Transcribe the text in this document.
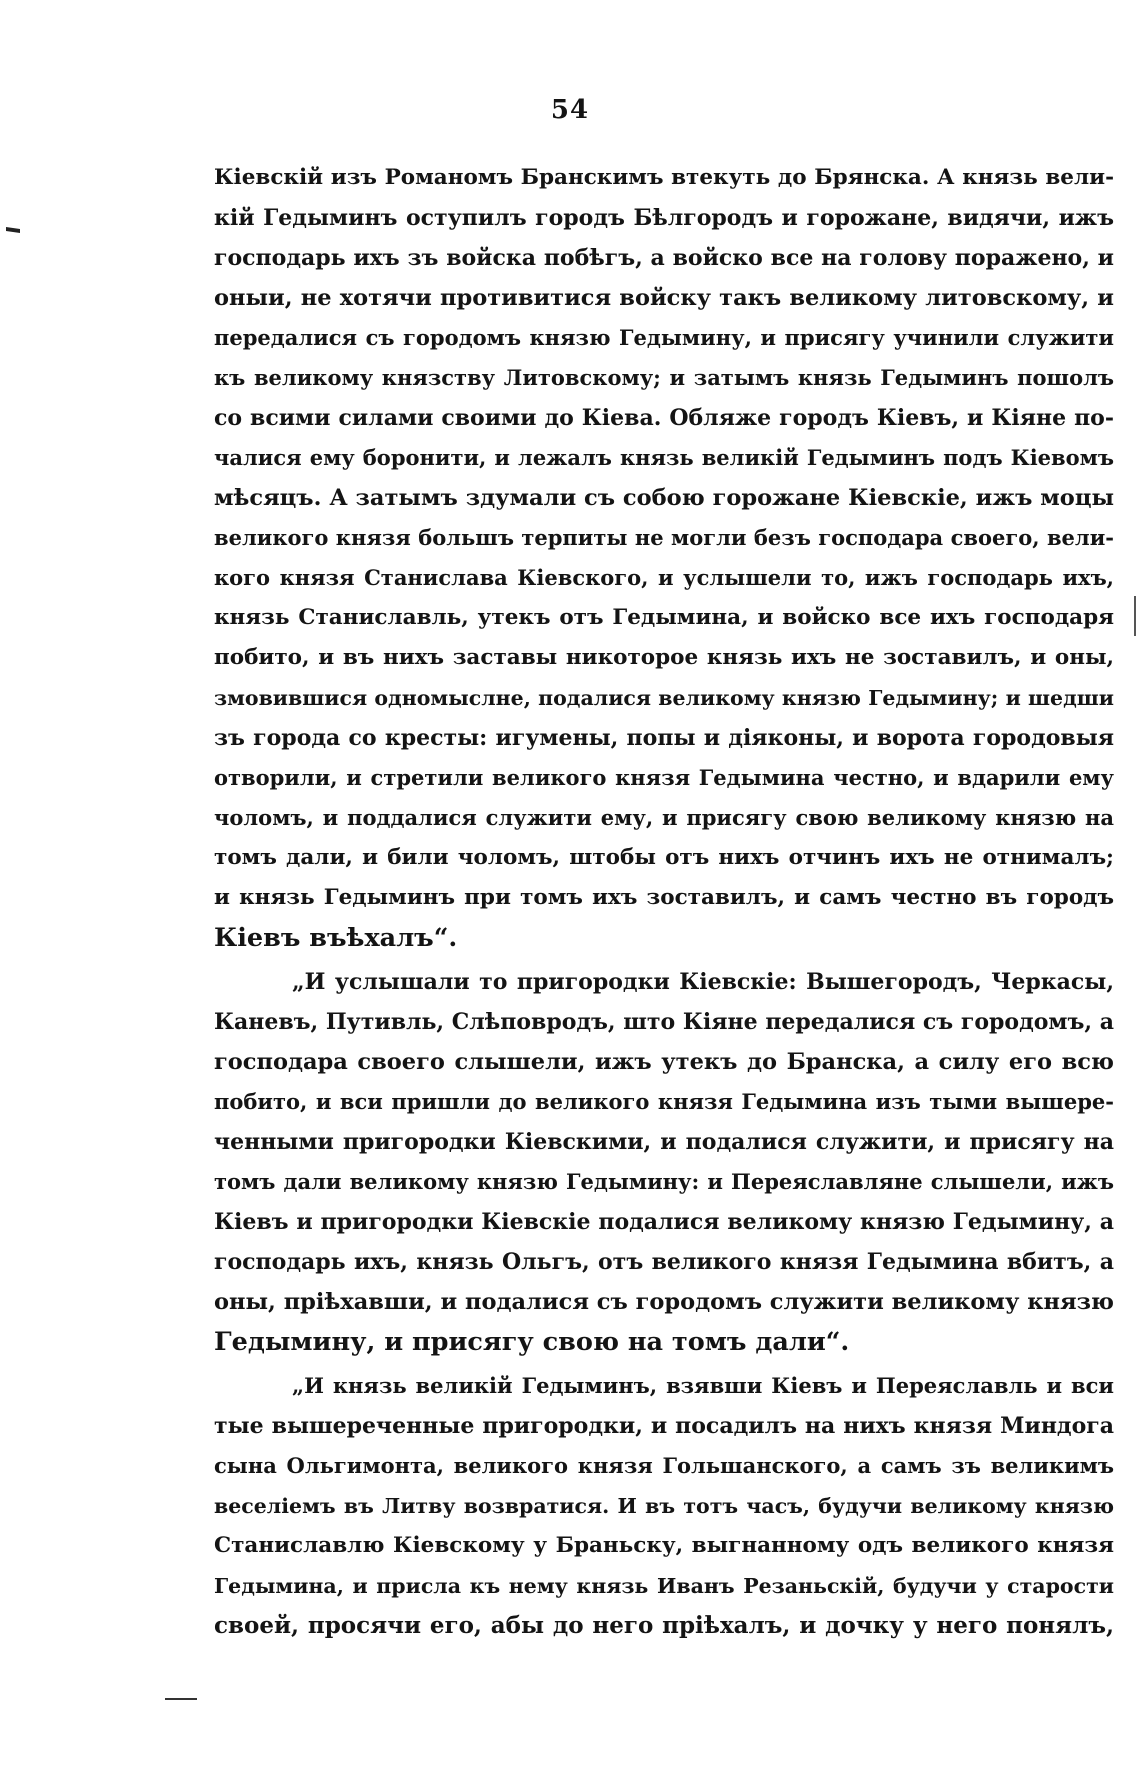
54
Кіевскій изъ Романомъ Бранскимъ втекуть до Брянска. А князь вели-
кій Гедыминъ оступилъ городъ Бѣлгородъ и горожане, видячи, ижъ
господарь ихъ зъ войска побѣгъ, а войско все на голову поражено, и
оныи, не хотячи противитися войску такъ великому литовскому, и
передалися съ городомъ князю Гедымину, и присягу учинили служити
къ великому князству Литовскому; и затымъ князь Гедыминъ пошолъ
со всими силами своими до Кіева. Обляже городъ Кіевъ, и Кіяне по-
чалися ему боронити, и лежалъ князь великій Гедыминъ подъ Кіевомъ
мѣсяцъ. А затымъ здумали съ собою горожане Кіевскіе, ижъ моцы
великого князя большъ терпиты не могли безъ господара своего, вели-
кого князя Станислава Кіевского, и услышели то, ижъ господарь ихъ,
князь Станиславль, утекъ отъ Гедымина, и войско все ихъ господаря
побито, и въ нихъ заставы никоторое князь ихъ не зоставилъ, и оны,
змовившися одномыслне, подалися великому князю Гедымину; и шедши
зъ города со кресты: игумены, попы и діяконы, и ворота городовыя
отворили, и стретили великого князя Гедымина честно, и вдарили ему
чоломъ, и поддалися служити ему, и присягу свою великому князю на
томъ дали, и били чоломъ, штобы отъ нихъ отчинъ ихъ не отнималъ;
и князь Гедыминъ при томъ ихъ зоставилъ, и самъ честно въ городъ
Кіевъ въѣхалъ“.
„И услышали то пригородки Кіевскіе: Вышегородъ, Черкасы,
Каневъ, Путивль, Слѣповродъ, што Кіяне передалися съ городомъ, а
господара своего слышели, ижъ утекъ до Бранска, а силу его всю
побито, и вси пришли до великого князя Гедымина изъ тыми вышере-
ченными пригородки Кіевскими, и подалися служити, и присягу на
томъ дали великому князю Гедымину: и Переяславляне слышели, ижъ
Кіевъ и пригородки Кіевскіе подалися великому князю Гедымину, а
господарь ихъ, князь Ольгъ, отъ великого князя Гедымина вбитъ, а
оны, пріѣхавши, и подалися съ городомъ служити великому князю
Гедымину, и присягу свою на томъ дали“.
„И князь великій Гедыминъ, взявши Кіевъ и Переяславль и вси
тые вышереченные пригородки, и посадилъ на нихъ князя Миндога
сына Ольгимонта, великого князя Гольшанского, а самъ зъ великимъ
веселіемъ въ Литву возвратися. И въ тотъ часъ, будучи великому князю
Станиславлю Кіевскому у Браньску, выгнанному одъ великого князя
Гедымина, и присла къ нему князь Иванъ Резаньскій, будучи у старости
своей, просячи его, абы до него пріѣхалъ, и дочку у него понялъ,
